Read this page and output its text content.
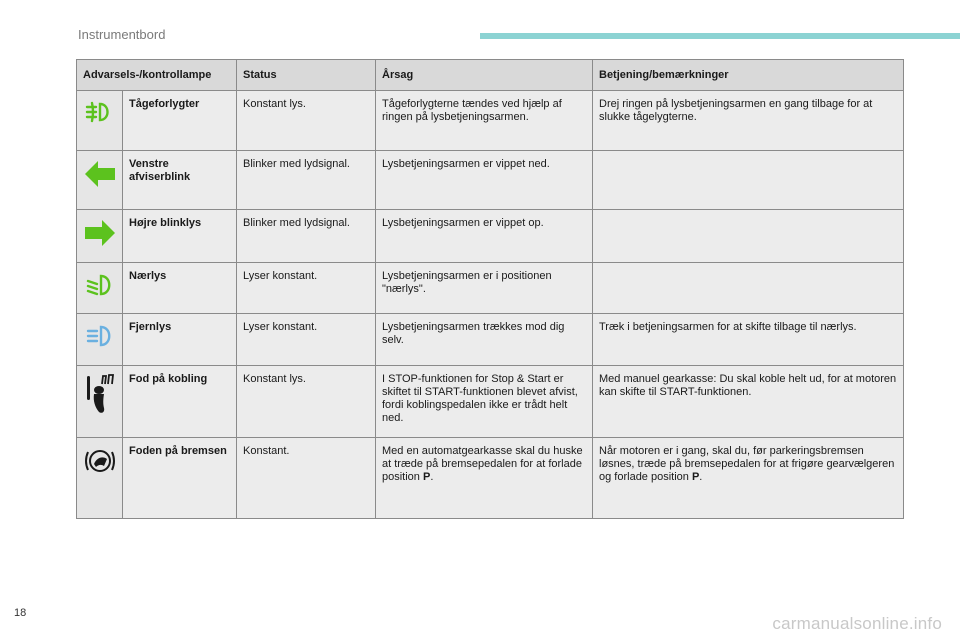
Instrumentbord
Advarsels-/kontrollampe		Status	Årsag	Betjening/bemærkninger
	Tågeforlygter	Konstant lys.	Tågeforlygterne tændes ved hjælp af ringen på lysbetjeningsarmen.	Drej ringen på lysbetjeningsarmen en gang tilbage for at slukke tågelygterne.
	Venstre afviserblink	Blinker med lydsignal.	Lysbetjeningsarmen er vippet ned.	
	Højre blinklys	Blinker med lydsignal.	Lysbetjeningsarmen er vippet op.	
	Nærlys	Lyser konstant.	Lysbetjeningsarmen er i positionen "nærlys".	
	Fjernlys	Lyser konstant.	Lysbetjeningsarmen trækkes mod dig selv.	Træk i betjeningsarmen for at skifte tilbage til nærlys.
	Fod på kobling	Konstant lys.	I STOP-funktionen for Stop & Start er skiftet til START-funktionen blevet afvist, fordi koblingspedalen ikke er trådt helt ned.	Med manuel gearkasse: Du skal koble helt ud, for at motoren kan skifte til START-funktionen.
	Foden på bremsen	Konstant.	Med en automatgearkasse skal du huske at træde på bremsepedalen for at forlade position P.	Når motoren er i gang, skal du, før parkeringsbremsen løsnes, træde på bremsepedalen for at frigøre gearvælgeren og forlade position P.
18
carmanualsonline.info
